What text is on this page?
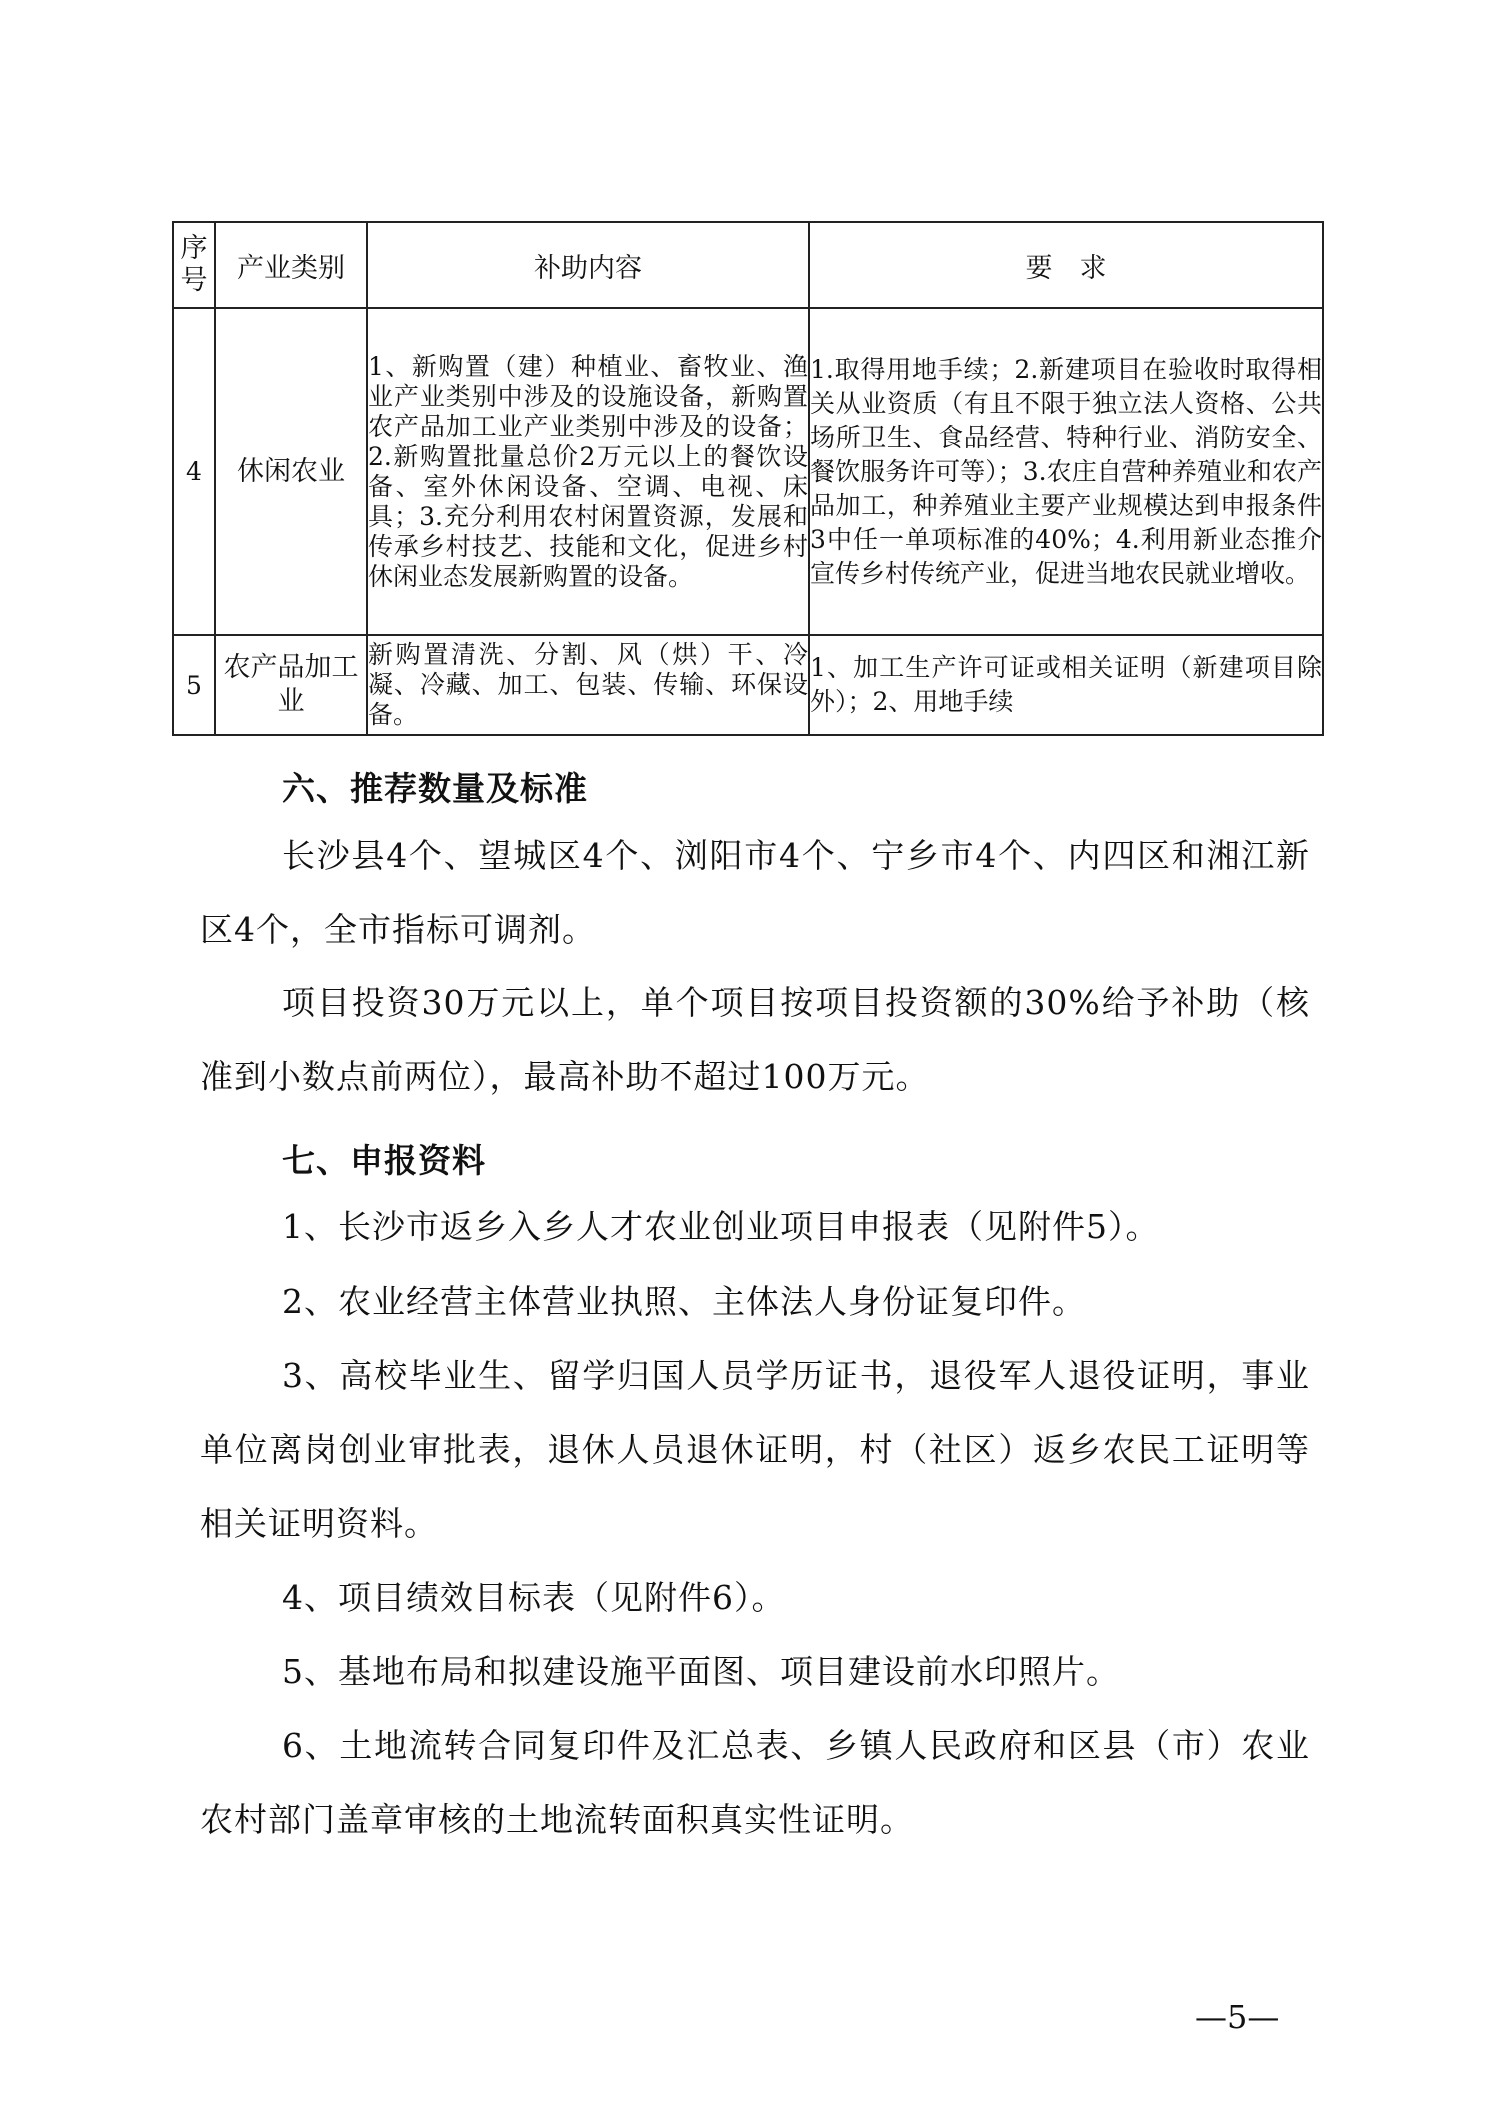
序号	产业类别	补助内容	要　求
4	休闲农业	1、新购置（建）种植业、畜牧业、渔业产业类别中涉及的设施设备，新购置农产品加工业产业类别中涉及的设备；2.新购置批量总价2万元以上的餐饮设备、室外休闲设备、空调、电视、床具；3.充分利用农村闲置资源，发展和传承乡村技艺、技能和文化，促进乡村休闲业态发展新购置的设备。	1.取得用地手续；2.新建项目在验收时取得相关从业资质（有且不限于独立法人资格、公共场所卫生、食品经营、特种行业、消防安全、餐饮服务许可等）；3.农庄自营种养殖业和农产品加工，种养殖业主要产业规模达到申报条件3中任一单项标准的40%；4.利用新业态推介宣传乡村传统产业，促进当地农民就业增收。
5	农产品加工业	新购置清洗、分割、风（烘）干、冷凝、冷藏、加工、包装、传输、环保设备。	1、加工生产许可证或相关证明（新建项目除外）；2、用地手续
六、推荐数量及标准
长沙县4个、望城区4个、浏阳市4个、宁乡市4个、内四区和湘江新区4个，全市指标可调剂。
项目投资30万元以上，单个项目按项目投资额的30%给予补助（核准到小数点前两位），最高补助不超过100万元。
七、申报资料
1、长沙市返乡入乡人才农业创业项目申报表（见附件5）。
2、农业经营主体营业执照、主体法人身份证复印件。
3、高校毕业生、留学归国人员学历证书，退役军人退役证明，事业单位离岗创业审批表，退休人员退休证明，村（社区）返乡农民工证明等相关证明资料。
4、项目绩效目标表（见附件6）。
5、基地布局和拟建设施平面图、项目建设前水印照片。
6、土地流转合同复印件及汇总表、乡镇人民政府和区县（市）农业农村部门盖章审核的土地流转面积真实性证明。
—5—
